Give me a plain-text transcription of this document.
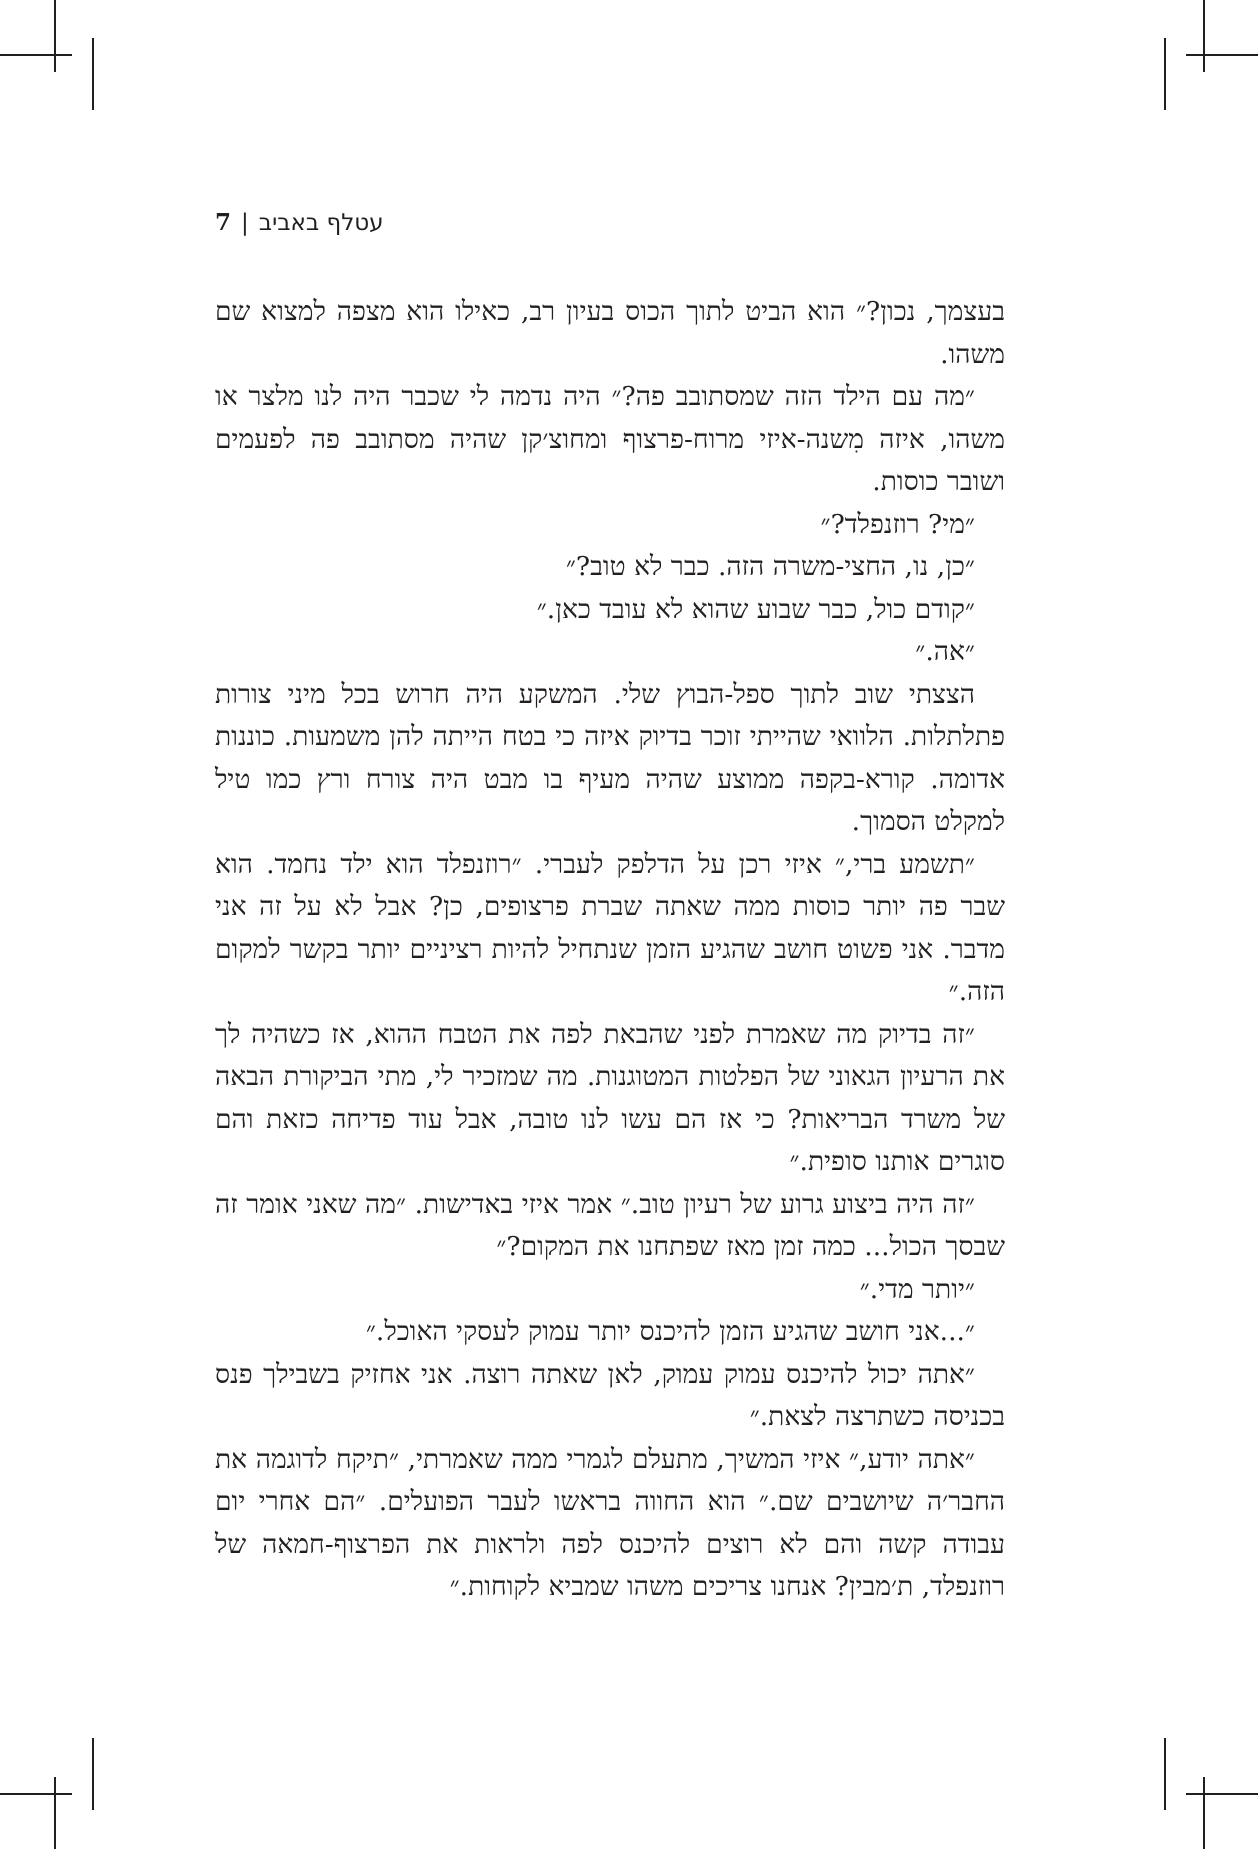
עטלף באביב|7

בעצמך, נכון?״ הוא הביט לתוך הכוס בעיון רב, כאילו הוא מצפה למצוא שם משהו.

״מה עם הילד הזה שמסתובב פה?״ היה נדמה לי שכבר היה לנו מלצר או משהו, איזה מִשנה-איזי מרוח-פרצוף ומחוצ׳קן שהיה מסתובב פה לפעמים ושובר כוסות.

״מי? רוזנפלד?״

״כן, נו, החצי-משרה הזה. כבר לא טוב?״

״קודם כול, כבר שבוע שהוא לא עובד כאן.״

״אה.״

הצצתי שוב לתוך ספל-הבוץ שלי. המשקע היה חרוש בכל מיני צורות פתלתלות. הלוואי שהייתי זוכר בדיוק איזה כי בטח הייתה להן משמעות. כוננות אדומה. קורא-בקפה ממוצע שהיה מעיף בו מבט היה צורח ורץ כמו טיל למקלט הסמוך.

״תשמע ברי,״ איזי רכן על הדלפק לעברי. ״רוזנפלד הוא ילד נחמד. הוא שבר פה יותר כוסות ממה שאתה שברת פרצופים, כן? אבל לא על זה אני מדבר. אני פשוט חושב שהגיע הזמן שנתחיל להיות רציניים יותר בקשר למקום הזה.״

״זה בדיוק מה שאמרת לפני שהבאת לפה את הטבח ההוא, אז כשהיה לך את הרעיון הגאוני של הפלטות המטוגנות. מה שמזכיר לי, מתי הביקורת הבאה של משרד הבריאות? כי אז הם עשו לנו טובה, אבל עוד פדיחה כזאת והם סוגרים אותנו סופית.״

״זה היה ביצוע גרוע של רעיון טוב.״ אמר איזי באדישות. ״מה שאני אומר זה שבסך הכול... כמה זמן מאז שפתחנו את המקום?״

״יותר מדי.״

״...אני חושב שהגיע הזמן להיכנס יותר עמוק לעסקי האוכל.״

״אתה יכול להיכנס עמוק עמוק, לאן שאתה רוצה. אני אחזיק בשבילך פנס בכניסה כשתרצה לצאת.״

״אתה יודע,״ איזי המשיך, מתעלם לגמרי ממה שאמרתי, ״תיקח לדוגמה את החבר׳ה שיושבים שם.״ הוא החווה בראשו לעבר הפועלים. ״הם אחרי יום עבודה קשה והם לא רוצים להיכנס לפה ולראות את הפרצוף-חמאה של רוזנפלד, ת׳מבין? אנחנו צריכים משהו שמביא לקוחות.״
